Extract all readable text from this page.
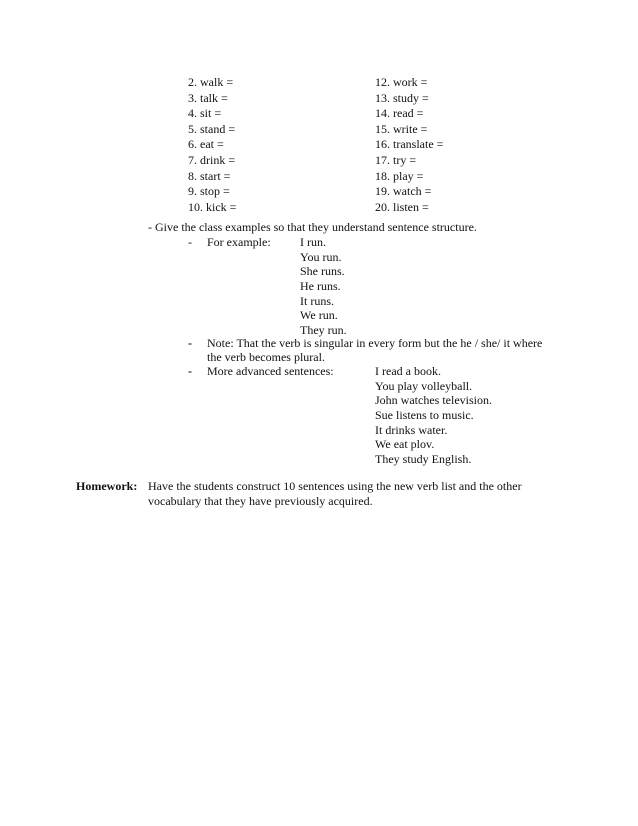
2. walk =
3. talk =
4. sit =
5. stand =
6. eat =
7. drink =
8. start =
9. stop =
10. kick =
12. work =
13. study =
14. read =
15. write =
16. translate =
17. try =
18. play =
19. watch =
20. listen =
- Give the class examples so that they understand sentence structure.
- For example: I run.
You run.
She runs.
He runs.
It runs.
We run.
They run.
- Note: That the verb is singular in every form but the he / she/ it where
the verb becomes plural.
- More advanced sentences:	I read a book.
You play volleyball.
John watches television.
Sue listens to music.
It drinks water.
We eat plov.
They study English.
Homework: Have the students construct 10 sentences using the new verb list and the other
vocabulary that they have previously acquired.
